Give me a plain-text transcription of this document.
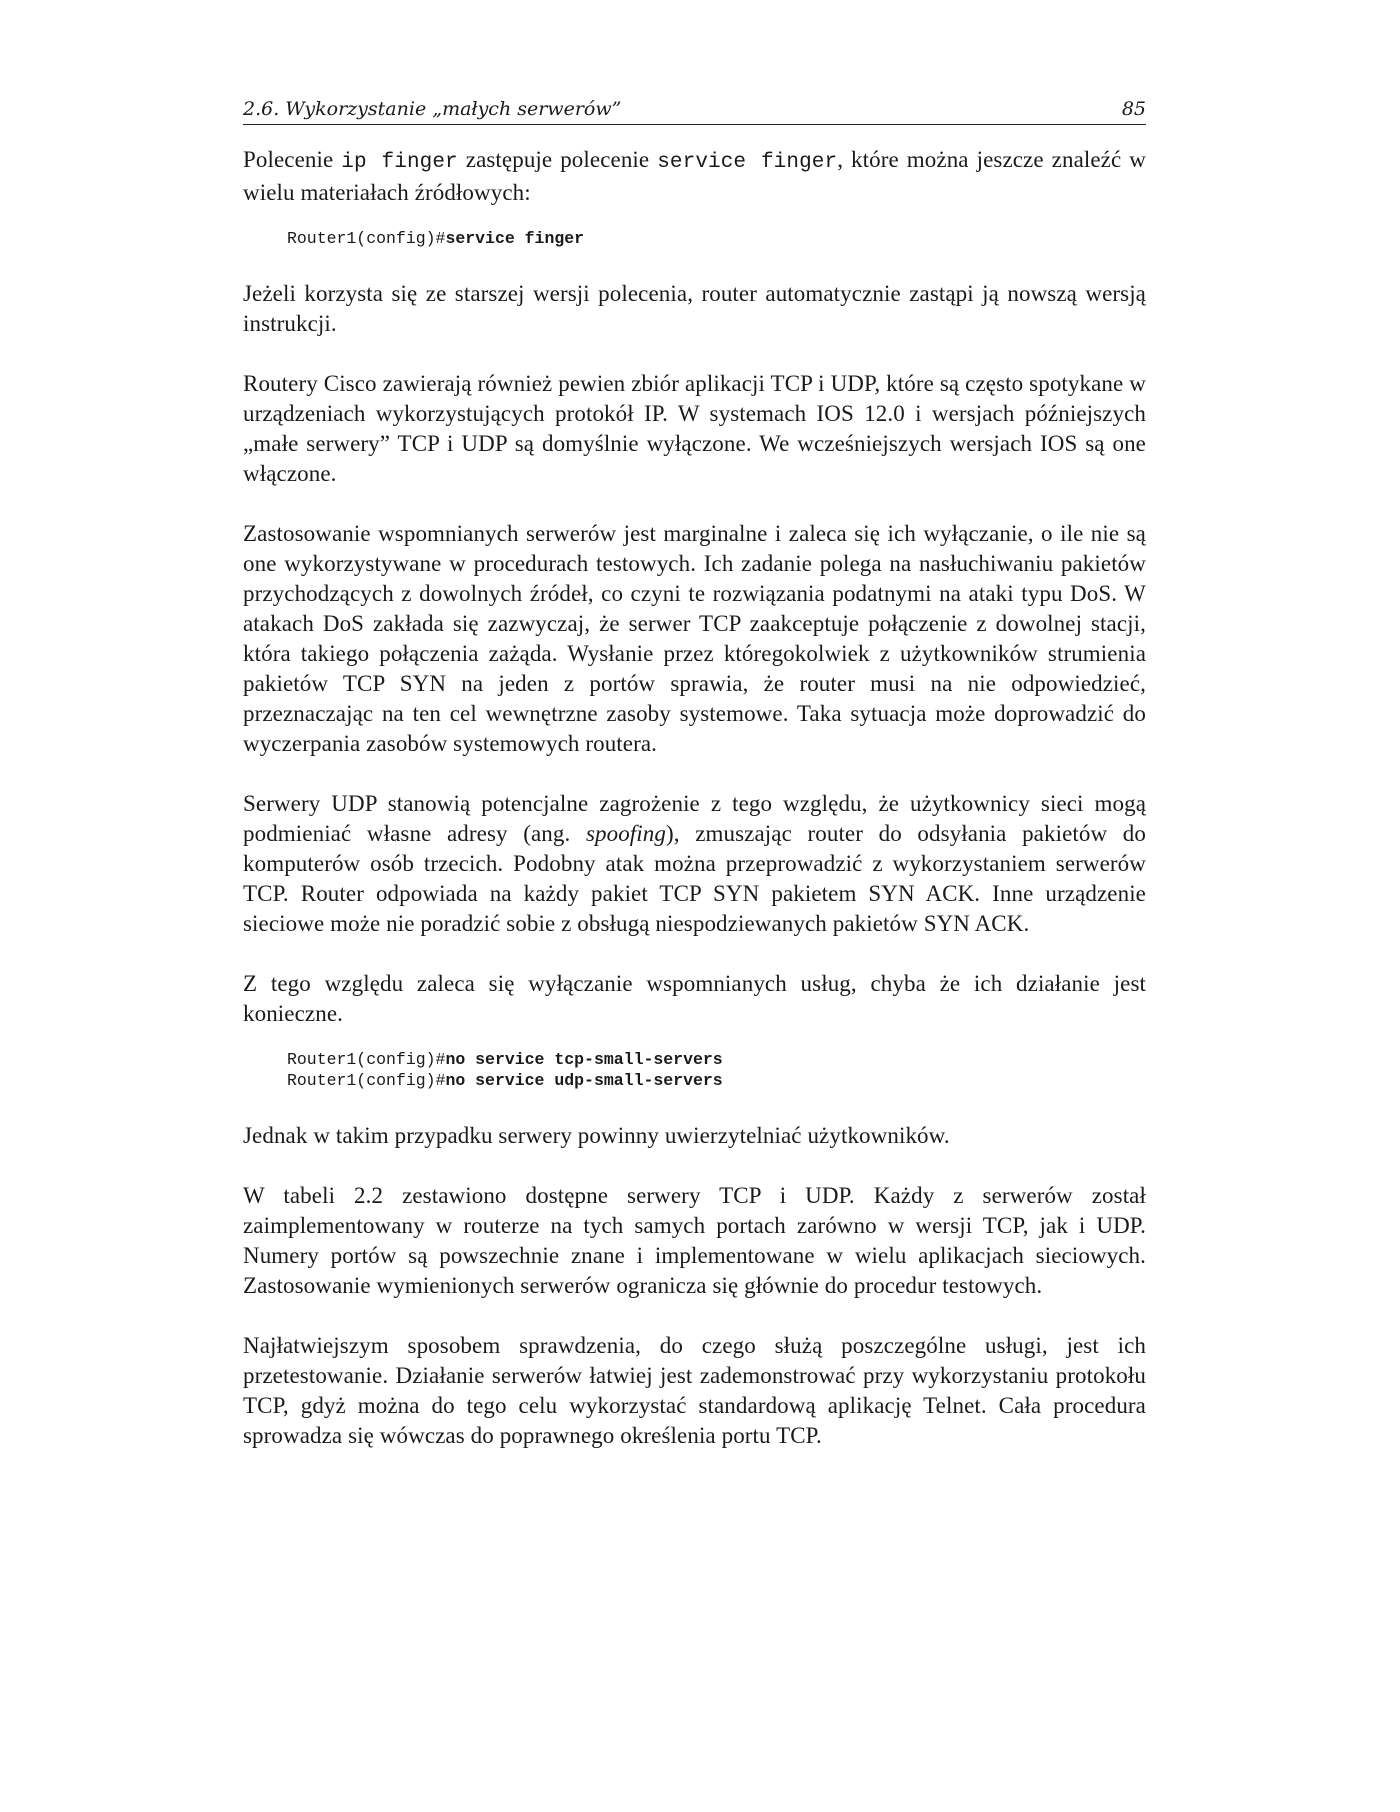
2.6. Wykorzystanie „małych serwerów”	85

Polecenie ip finger zastępuje polecenie service finger, które można jeszcze znaleźć w wielu materiałach źródłowych:

Router1(config)#service finger

Jeżeli korzysta się ze starszej wersji polecenia, router automatycznie zastąpi ją nowszą wersją instrukcji.

Routery Cisco zawierają również pewien zbiór aplikacji TCP i UDP, które są często spotykane w urządzeniach wykorzystujących protokół IP. W systemach IOS 12.0 i wersjach późniejszych „małe serwery” TCP i UDP są domyślnie wyłączone. We wcześniejszych wersjach IOS są one włączone.

Zastosowanie wspomnianych serwerów jest marginalne i zaleca się ich wyłączanie, o ile nie są one wykorzystywane w procedurach testowych. Ich zadanie polega na nasłuchiwaniu pakietów przychodzących z dowolnych źródeł, co czyni te rozwiązania podatnymi na ataki typu DoS. W atakach DoS zakłada się zazwyczaj, że serwer TCP zaakceptuje połączenie z dowolnej stacji, która takiego połączenia zażąda. Wysłanie przez któregokolwiek z użytkowników strumienia pakietów TCP SYN na jeden z portów sprawia, że router musi na nie odpowiedzieć, przeznaczając na ten cel wewnętrzne zasoby systemowe. Taka sytuacja może doprowadzić do wyczerpania zasobów systemowych routera.

Serwery UDP stanowią potencjalne zagrożenie z tego względu, że użytkownicy sieci mogą podmieniać własne adresy (ang. spoofing), zmuszając router do odsyłania pakietów do komputerów osób trzecich. Podobny atak można przeprowadzić z wykorzystaniem serwerów TCP. Router odpowiada na każdy pakiet TCP SYN pakietem SYN ACK. Inne urządzenie sieciowe może nie poradzić sobie z obsługą niespodziewanych pakietów SYN ACK.

Z tego względu zaleca się wyłączanie wspomnianych usług, chyba że ich działanie jest konieczne.

Router1(config)#no service tcp-small-servers
Router1(config)#no service udp-small-servers

Jednak w takim przypadku serwery powinny uwierzytelniać użytkowników.

W tabeli 2.2 zestawiono dostępne serwery TCP i UDP. Każdy z serwerów został zaimplementowany w routerze na tych samych portach zarówno w wersji TCP, jak i UDP. Numery portów są powszechnie znane i implementowane w wielu aplikacjach sieciowych. Zastosowanie wymienionych serwerów ogranicza się głównie do procedur testowych.

Najłatwiejszym sposobem sprawdzenia, do czego służą poszczególne usługi, jest ich przetestowanie. Działanie serwerów łatwiej jest zademonstrować przy wykorzystaniu protokołu TCP, gdyż można do tego celu wykorzystać standardową aplikację Telnet. Cała procedura sprowadza się wówczas do poprawnego określenia portu TCP.
